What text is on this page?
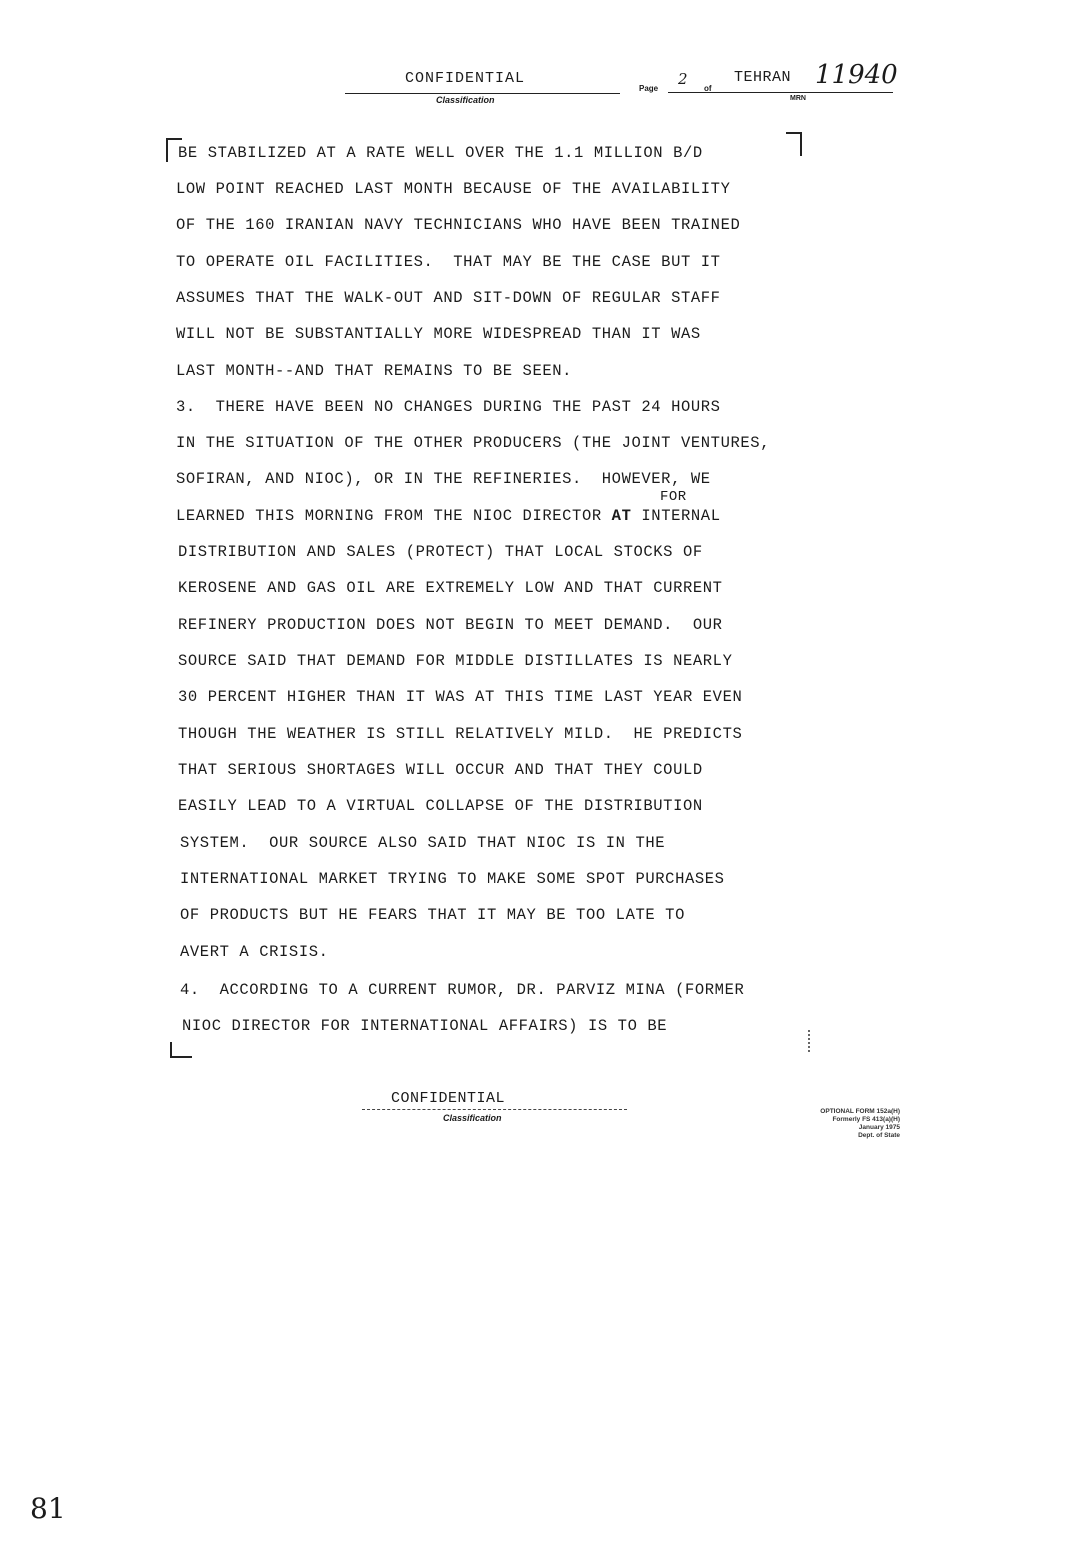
CONFIDENTIAL
Classification
Page
2
of
TEHRAN 11940
MRN
BE STABILIZED AT A RATE WELL OVER THE 1.1 MILLION B/D
LOW POINT REACHED LAST MONTH BECAUSE OF THE AVAILABILITY
OF THE 160 IRANIAN NAVY TECHNICIANS WHO HAVE BEEN TRAINED
TO OPERATE OIL FACILITIES.  THAT MAY BE THE CASE BUT IT
ASSUMES THAT THE WALK-OUT AND SIT-DOWN OF REGULAR STAFF
WILL NOT BE SUBSTANTIALLY MORE WIDESPREAD THAN IT WAS
LAST MONTH--AND THAT REMAINS TO BE SEEN.
3.  THERE HAVE BEEN NO CHANGES DURING THE PAST 24 HOURS
IN THE SITUATION OF THE OTHER PRODUCERS (THE JOINT VENTURES,
SOFIRAN, AND NIOC), OR IN THE REFINERIES.  HOWEVER, WE
FOR
LEARNED THIS MORNING FROM THE NIOC DIRECTOR AT INTERNAL
DISTRIBUTION AND SALES (PROTECT) THAT LOCAL STOCKS OF
KEROSENE AND GAS OIL ARE EXTREMELY LOW AND THAT CURRENT
REFINERY PRODUCTION DOES NOT BEGIN TO MEET DEMAND.  OUR
SOURCE SAID THAT DEMAND FOR MIDDLE DISTILLATES IS NEARLY
30 PERCENT HIGHER THAN IT WAS AT THIS TIME LAST YEAR EVEN
THOUGH THE WEATHER IS STILL RELATIVELY MILD.  HE PREDICTS
THAT SERIOUS SHORTAGES WILL OCCUR AND THAT THEY COULD
EASILY LEAD TO A VIRTUAL COLLAPSE OF THE DISTRIBUTION
SYSTEM.  OUR SOURCE ALSO SAID THAT NIOC IS IN THE
INTERNATIONAL MARKET TRYING TO MAKE SOME SPOT PURCHASES
OF PRODUCTS BUT HE FEARS THAT IT MAY BE TOO LATE TO
AVERT A CRISIS.
4.  ACCORDING TO A CURRENT RUMOR, DR. PARVIZ MINA (FORMER
NIOC DIRECTOR FOR INTERNATIONAL AFFAIRS) IS TO BE
CONFIDENTIAL
Classification
OPTIONAL FORM 152a(H)
Formerly FS 413(a)(H)
January 1975
Dept. of State
81
